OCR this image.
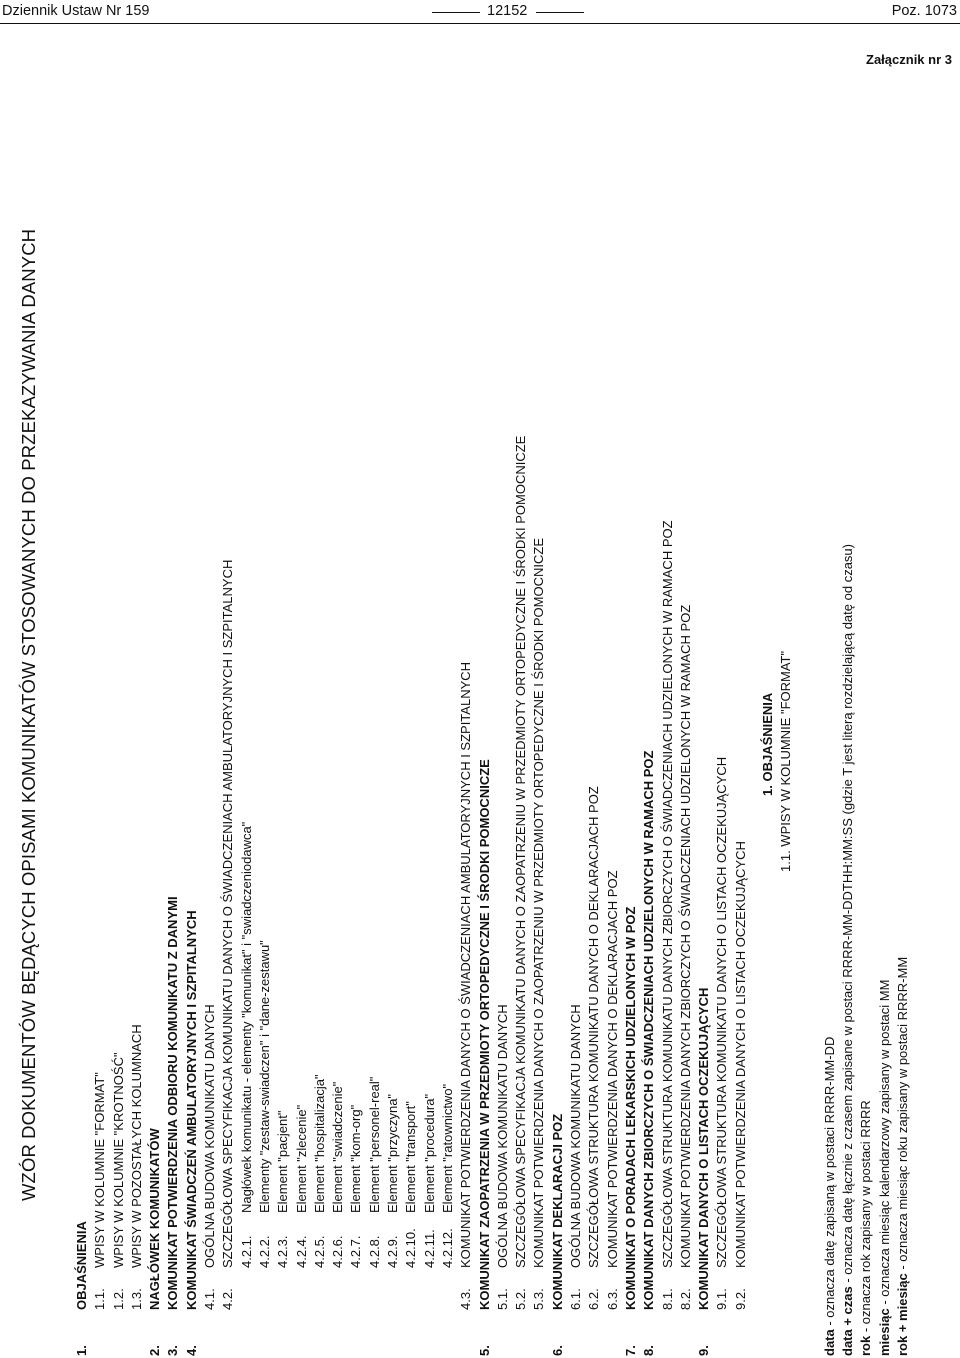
Dziennik Ustaw Nr 159	12152	Poz. 1073
Załącznik nr 3
WZÓR DOKUMENTÓW BĘDĄCYCH OPISAMI KOMUNIKATÓW STOSOWANYCH DO PRZEKAZYWANIA DANYCH
1.
OBJAŚNIENIA 1.1.
WPISY W KOLUMNIE "FORMAT"
1.2.
WPISY W KOLUMNIE "KROTNOŚĆ"
1.3.
WPISY W POZOSTAŁYCH KOLUMNACH
2.
NAGŁÓWEK KOMUNIKATÓW
3.
KOMUNIKAT POTWIERDZENIA ODBIORU KOMUNIKATU Z DANYMI
4.
KOMUNIKAT ŚWIADCZEŃ AMBULATORYJNYCH I SZPITALNYCH 4.1.
OGÓLNA BUDOWA KOMUNIKATU DANYCH
4.2.
SZCZEGÓŁOWA SPECYFIKACJA KOMUNIKATU DANYCH O ŚWIADCZENIACH AMBULATORYJNYCH I SZPITALNYCH 4.2.1.
Nagłówek komunikatu - elementy "komunikat" i "swiadczeniodawca"
4.2.2.
Elementy "zestaw-swiadczen" i "dane-zestawu"
4.2.3.
Element "pacjent"
4.2.4.
Element "zlecenie"
4.2.5.
Element "hospitalizacja"
4.2.6.
Element "swiadczenie"
4.2.7.
Element "kom-org"
4.2.8.
Element "personel-real"
4.2.9.
Element "przyczyna"
4.2.10.
Element "transport"
4.2.11.
Element "procedura"
4.2.12.
Element "ratownictwo"
4.3.
KOMUNIKAT POTWIERDZENIA DANYCH O ŚWIADCZENIACH AMBULATORYJNYCH I SZPITALNYCH
5.
KOMUNIKAT ZAOPATRZENIA W PRZEDMIOTY ORTOPEDYCZNE I ŚRODKI POMOCNICZE 5.1.
OGÓLNA BUDOWA KOMUNIKATU DANYCH
5.2.
SZCZEGÓŁOWA SPECYFIKACJA KOMUNIKATU DANYCH O ZAOPATRZENIU W PRZEDMIOTY ORTOPEDYCZNE I ŚRODKI POMOCNICZE
5.3.
KOMUNIKAT POTWIERDZENIA DANYCH O ZAOPATRZENIU W PRZEDMIOTY ORTOPEDYCZNE I ŚRODKI POMOCNICZE
6.
KOMUNIKAT DEKLARACJI POZ 6.1.
OGÓLNA BUDOWA KOMUNIKATU DANYCH
6.2.
SZCZEGÓŁOWA STRUKTURA KOMUNIKATU DANYCH O DEKLARACJACH POZ
6.3.
KOMUNIKAT POTWIERDZENIA DANYCH O DEKLARACJACH POZ
7.
KOMUNIKAT O PORADACH LEKARSKICH UDZIELONYCH W POZ
8.
KOMUNIKAT DANYCH ZBIORCZYCH O ŚWIADCZENIACH UDZIELONYCH W RAMACH POZ 8.1.
SZCZEGÓŁOWA STRUKTURA KOMUNIKATU DANYCH ZBIORCZYCH O ŚWIADCZENIACH UDZIELONYCH W RAMACH POZ
8.2.
KOMUNIKAT POTWIERDZENIA DANYCH ZBIORCZYCH O ŚWIADCZENIACH UDZIELONYCH W RAMACH POZ
9.
KOMUNIKAT DANYCH O LISTACH OCZEKUJĄCYCH 9.1.
SZCZEGÓŁOWA STRUKTURA KOMUNIKATU DANYCH O LISTACH OCZEKUJĄCYCH
9.2.
KOMUNIKAT POTWIERDZENIA DANYCH O LISTACH OCZEKUJĄCYCH
1. OBJAŚNIENIA 1.1. WPISY W KOLUMNIE "FORMAT"
data - oznacza datę zapisaną w postaci RRRR-MM-DD data + czas - oznacza datę łącznie z czasem zapisane w postaci RRRR-MM-DDTHH:MM:SS (gdzie T jest literą rozdzielającą datę od czasu)
rok - oznacza rok zapisany w postaci RRRR miesiąc - oznacza miesiąc kalendarzowy zapisany w postaci MM
rok + miesiąc - oznacza miesiąc roku zapisany w postaci RRRR-MM
